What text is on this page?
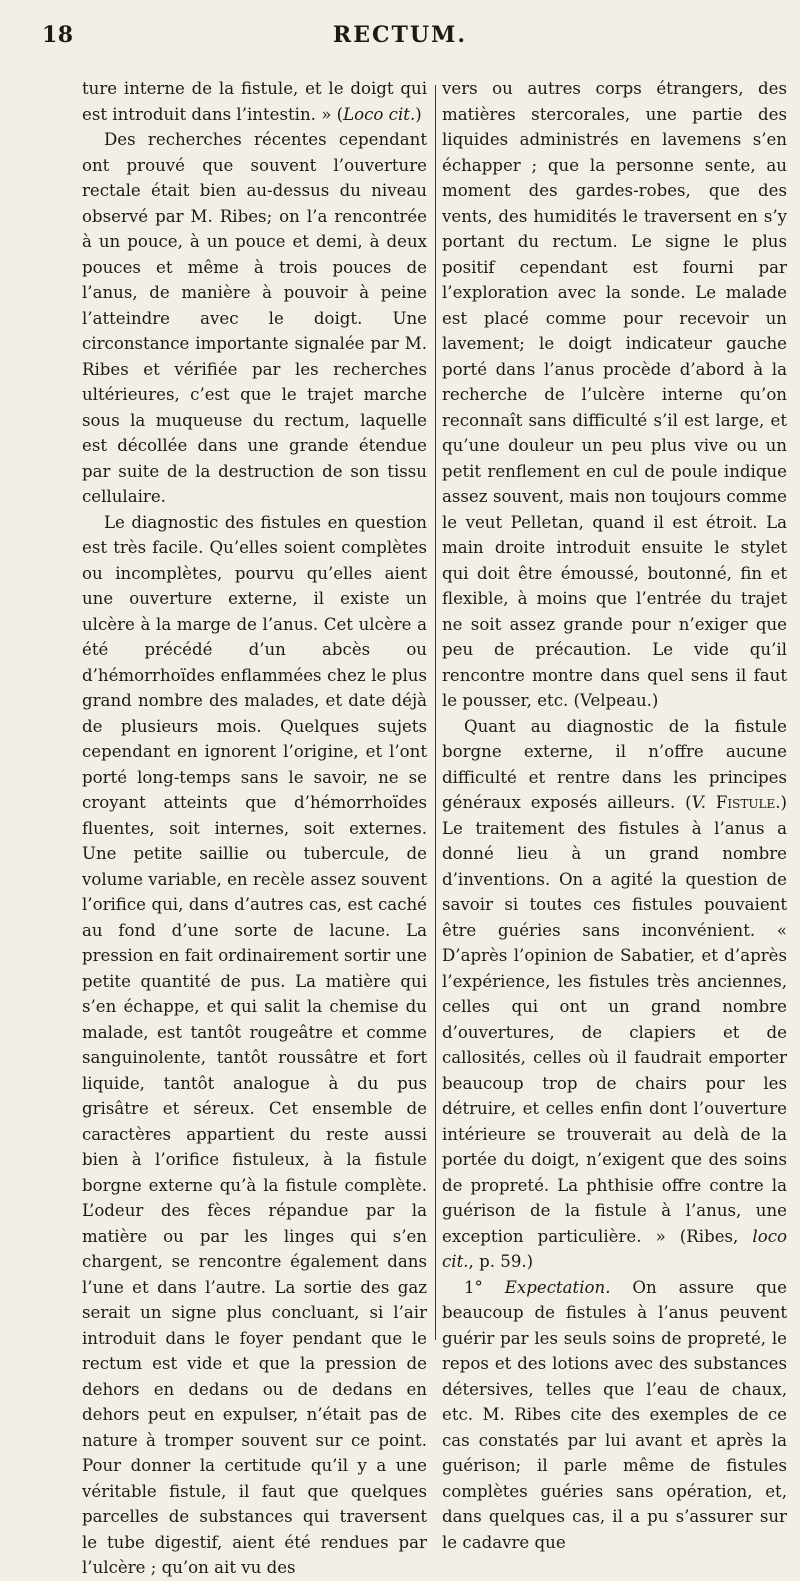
18	RECTUM.

ture interne de la fistule, et le doigt qui est introduit dans l’intestin. » (Loco cit.)

Des recherches récentes cependant ont prouvé que souvent l’ouverture rectale était bien au-dessus du niveau observé par M. Ribes; on l’a rencontrée à un pouce, à un pouce et demi, à deux pouces et même à trois pouces de l’anus, de manière à pouvoir à peine l’atteindre avec le doigt. Une circonstance importante signalée par M. Ribes et vérifiée par les recherches ultérieures, c’est que le trajet marche sous la muqueuse du rectum, laquelle est décollée dans une grande étendue par suite de la destruction de son tissu cellulaire.

Le diagnostic des fistules en question est très facile. Qu’elles soient complètes ou incomplètes, pourvu qu’elles aient une ouverture externe, il existe un ulcère à la marge de l’anus. Cet ulcère a été précédé d’un abcès ou d’hémorrhoïdes enflammées chez le plus grand nombre des malades, et date déjà de plusieurs mois. Quelques sujets cependant en ignorent l’origine, et l’ont porté long-temps sans le savoir, ne se croyant atteints que d’hémorrhoïdes fluentes, soit internes, soit externes. Une petite saillie ou tubercule, de volume variable, en recèle assez souvent l’orifice qui, dans d’autres cas, est caché au fond d’une sorte de lacune. La pression en fait ordinairement sortir une petite quantité de pus. La matière qui s’en échappe, et qui salit la chemise du malade, est tantôt rougeâtre et comme sanguinolente, tantôt roussâtre et fort liquide, tantôt analogue à du pus grisâtre et séreux. Cet ensemble de caractères appartient du reste aussi bien à l’orifice fistuleux, à la fistule borgne externe qu’à la fistule complète. L’odeur des fèces répandue par la matière ou par les linges qui s’en chargent, se rencontre également dans l’une et dans l’autre. La sortie des gaz serait un signe plus concluant, si l’air introduit dans le foyer pendant que le rectum est vide et que la pression de dehors en dedans ou de dedans en dehors peut en expulser, n’était pas de nature à tromper souvent sur ce point. Pour donner la certitude qu’il y a une véritable fistule, il faut que quelques parcelles de substances qui traversent le tube digestif, aient été rendues par l’ulcère ; qu’on ait vu des

vers ou autres corps étrangers, des matières stercorales, une partie des liquides administrés en lavemens s’en échapper ; que la personne sente, au moment des gardes-robes, que des vents, des humidités le traversent en s’y portant du rectum. Le signe le plus positif cependant est fourni par l’exploration avec la sonde. Le malade est placé comme pour recevoir un lavement; le doigt indicateur gauche porté dans l’anus procède d’abord à la recherche de l’ulcère interne qu’on reconnaît sans difficulté s’il est large, et qu’une douleur un peu plus vive ou un petit renflement en cul de poule indique assez souvent, mais non toujours comme le veut Pelletan, quand il est étroit. La main droite introduit ensuite le stylet qui doit être émoussé, boutonné, fin et flexible, à moins que l’entrée du trajet ne soit assez grande pour n’exiger que peu de précaution. Le vide qu’il rencontre montre dans quel sens il faut le pousser, etc. (Velpeau.)

Quant au diagnostic de la fistule borgne externe, il n’offre aucune difficulté et rentre dans les principes généraux exposés ailleurs. (V. Fistule.) Le traitement des fistules à l’anus a donné lieu à un grand nombre d’inventions. On a agité la question de savoir si toutes ces fistules pouvaient être guéries sans inconvénient. « D’après l’opinion de Sabatier, et d’après l’expérience, les fistules très anciennes, celles qui ont un grand nombre d’ouvertures, de clapiers et de callosités, celles où il faudrait emporter beaucoup trop de chairs pour les détruire, et celles enfin dont l’ouverture intérieure se trouverait au delà de la portée du doigt, n’exigent que des soins de propreté. La phthisie offre contre la guérison de la fistule à l’anus, une exception particulière. » (Ribes, loco cit., p. 59.)

1° Expectation. On assure que beaucoup de fistules à l’anus peuvent guérir par les seuls soins de propreté, le repos et des lotions avec des substances détersives, telles que l’eau de chaux, etc. M. Ribes cite des exemples de ce cas constatés par lui avant et après la guérison; il parle même de fistules complètes guéries sans opération, et, dans quelques cas, il a pu s’assurer sur le cadavre que
